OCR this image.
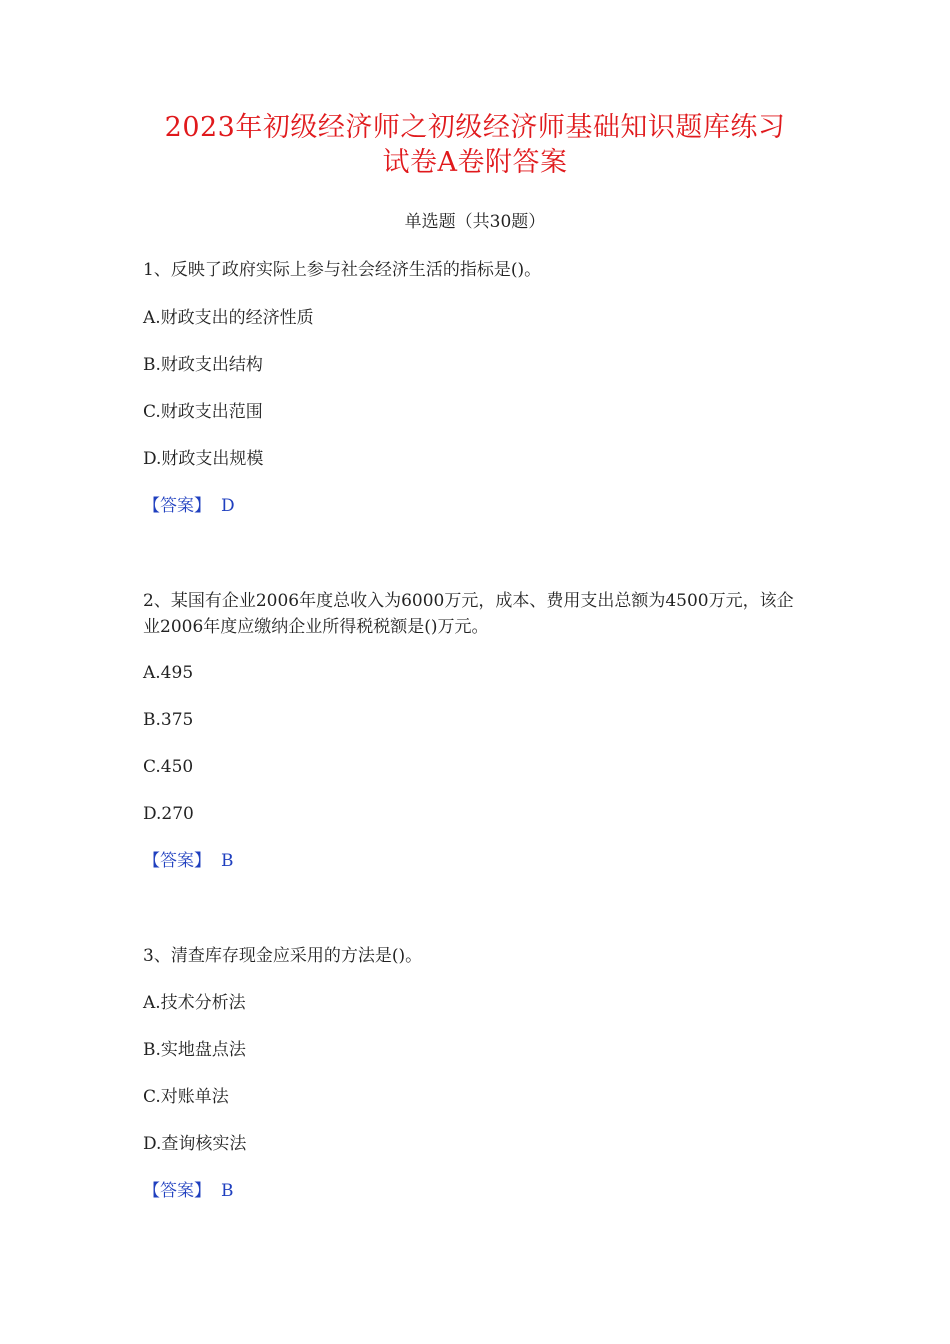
2023年初级经济师之初级经济师基础知识题库练习
试卷A卷附答案
单选题（共30题）
1、反映了政府实际上参与社会经济生活的指标是()。
A.财政支出的经济性质
B.财政支出结构
C.财政支出范围
D.财政支出规模
【答案】 D
2、某国有企业2006年度总收入为6000万元，成本、费用支出总额为4500万元，该企业2006年度应缴纳企业所得税税额是()万元。
A.495
B.375
C.450
D.270
【答案】 B
3、清查库存现金应采用的方法是()。
A.技术分析法
B.实地盘点法
C.对账单法
D.查询核实法
【答案】 B
